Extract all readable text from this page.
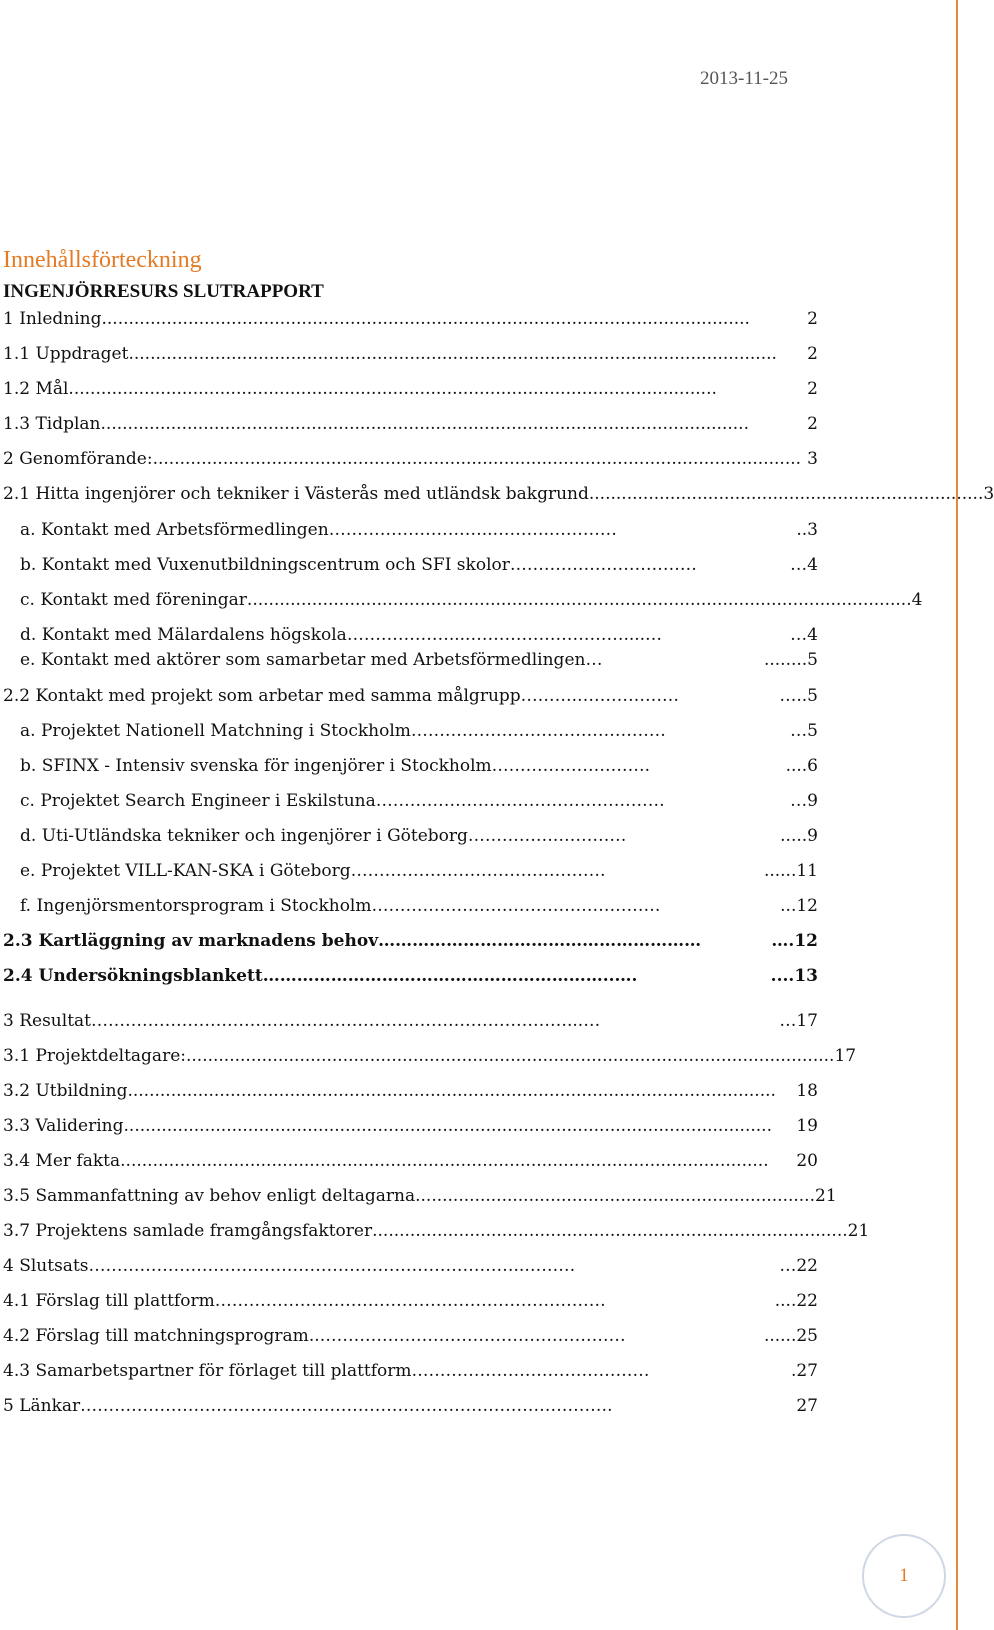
2013-11-25
Innehållsförteckning
INGENJÖRRESURS SLUTRAPPORT
1 Inledning ........................................................................................................................	2
1.1 Uppdraget ........................................................................................................................	2
1.2 Mål ........................................................................................................................	2
1.3 Tidplan ........................................................................................................................	2
2 Genomförande: ........................................................................................................................ 3
2.1 Hitta ingenjörer och tekniker i Västerås med utländsk bakgrund ........................................................................ .3
a. Kontakt med Arbetsförmedlingen ………………………..……….…………	..3
b. Kontakt med Vuxenutbildningscentrum och SFI skolor ……………………………	…4
c. Kontakt med föreningar ........................................................................................................................ ...4
d. Kontakt med Mälardalens högskola ………………....………………………....…	…4
e. Kontakt med aktörer som samarbetar med Arbetsförmedlingen …	........5
2.2 Kontakt med projekt som arbetar med samma målgrupp ……….………………	…..5
a. Projektet Nationell Matchning i Stockholm ………………………………………	…5
b. SFINX - Intensiv svenska för ingenjörer i Stockholm ……………………….	....6
c. Projektet Search Engineer i Eskilstuna ……………………………………………	…9
d. Uti-Utländska tekniker och ingenjörer i Göteborg …………….…………	.....9
e. Projektet VILL-KAN-SKA i Göteborg ………………………………………	......11
f. Ingenjörsmentorsprogram i Stockholm ……………………………………………	...12
2.3 Kartläggning av marknadens behov …………………………………………………	….12
2.4 Undersökningsblankett ……………………………………………………..….	....13
3 Resultat …………………………………………………………………………...…	…17
3.1 Projektdeltagare: ........................................................................................................................ 17
3.2 Utbildning ........................................................................................................................	18
3.3 Validering ........................................................................................................................	19
3.4 Mer fakta ........................................................................................................................	20
3.5 Sammanfattning av behov enligt deltagarna .......................................................................... 21
3.7 Projektens samlade framgångsfaktorer ........................................................................................ 21
4 Slutsats …………………………………………………………………..………	…22
4.1 Förslag till plattform ……………………………………………………………	....22
4.2 Förslag till matchningsprogram ..………………………………………………	......25
4.3 Samarbetspartner för förlaget till plattform ……………………………………	.27
5 Länkar ………………………………………………………………………………….	27
1
